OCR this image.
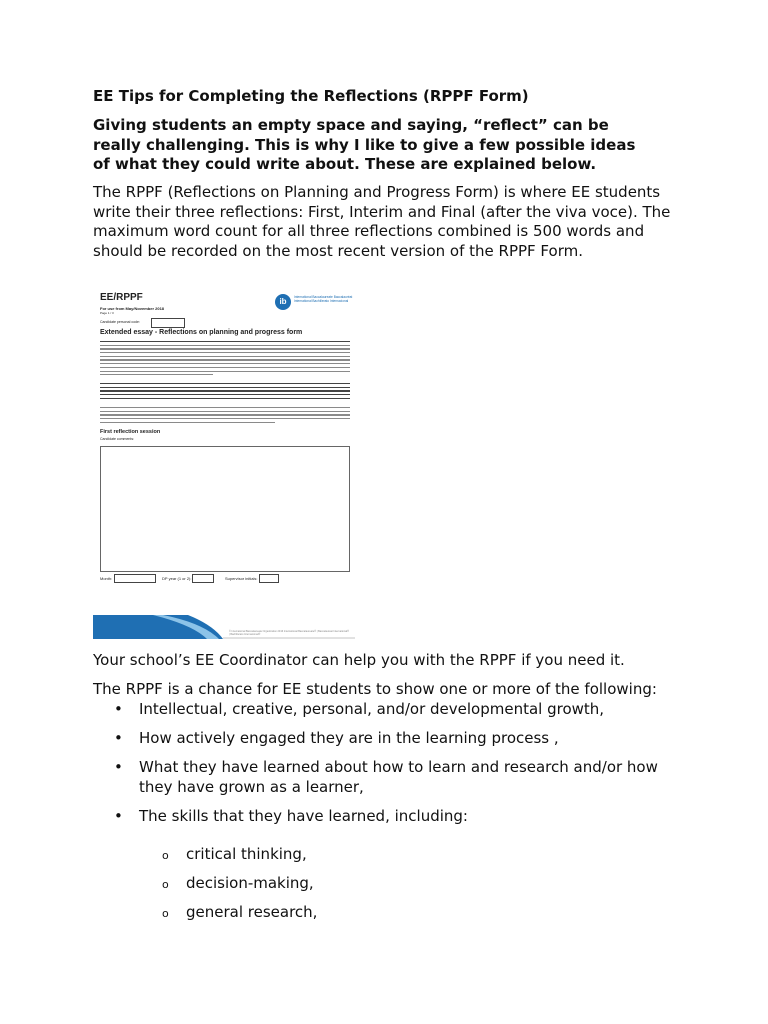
EE Tips for Completing the Reflections (RPPF Form)

Giving students an empty space and saying, “reflect” can be really challenging. This is why I like to give a few possible ideas of what they could write about. These are explained below.

The RPPF (Reflections on Planning and Progress Form) is where EE students write their three reflections: First, Interim and Final (after the viva voce). The maximum word count for all three reflections combined is 500 words and should be recorded on the most recent version of the RPPF Form.

EE/RPPF
For use from May/November 2018
Page 1 / 3
Candidate personal code:
Extended essay - Reflections on planning and progress form
ib	International Baccalaureate Baccalauréat International Bachillerato Internacional
First reflection session
Candidate comments:
Month:	DP year (1 or 2):	Supervisor initials:
© International Baccalaureate Organization 2016 International Baccalaureate® | Baccalauréat International® | Bachillerato Internacional®

Your school’s EE Coordinator can help you with the RPPF if you need it.

The RPPF is a chance for EE students to show one or more of the following:

• Intellectual, creative, personal, and/or developmental growth,
• How actively engaged they are in the learning process ,
• What they have learned about how to learn and research and/or how they have grown as a learner,
• The skills that they have learned, including:
o critical thinking,
o decision-making,
o general research,
